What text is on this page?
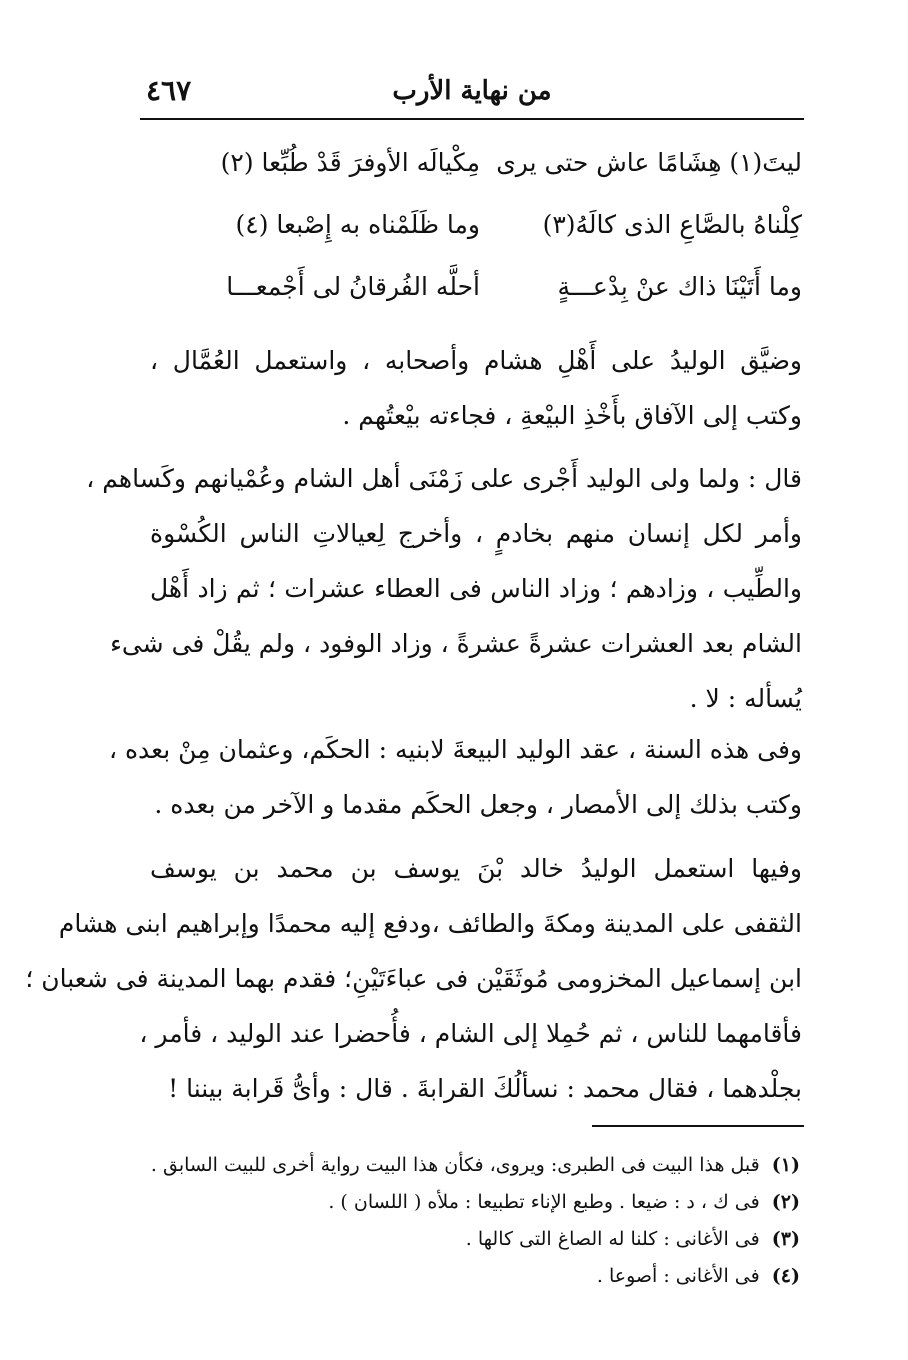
من نهاية الأرب
٤٦٧
ليتَ(١) هِشَامًا عاش حتى يرى
مِكْيالَه الأوفرَ قَدْ طُبِّعا (٢)
كِلْناهُ بالصَّاعِ الذى كالَهُ(٣)
وما ظَلَمْناه به إِصْبعا (٤)
وما أَتَيْنَا ذاك عنْ بِدْعـــةٍ
أحلَّه الفُرقانُ لى أَجْمعـــا
وضيَّق الوليدُ على أَهْلِ هشام وأصحابه ، واستعمل العُمَّال ،
وكتب إلى الآفاق بأَخْذِ البيْعةِ ، فجاءته بيْعتُهم .
قال : ولما ولى الوليد أَجْرى على زَمْنَى أهل الشام وعُمْيانهم وكَساهم ،
وأمر لكل إنسان منهم بخادمٍ ، وأخرج لِعيالاتِ الناس الكُسْوة
والطِّيب ، وزادهم ؛ وزاد الناس فى العطاء عشرات ؛ ثم زاد أَهْل
الشام بعد العشرات عشرةً عشرةً ، وزاد الوفود ، ولم يقُلْ فى شىء
يُسأله : لا .
وفى هذه السنة ، عقد الوليد البيعةَ لابنيه : الحكَم، وعثمان مِنْ بعده ،
وكتب بذلك إلى الأمصار ، وجعل الحكَم مقدما و الآخر من بعده .
وفيها استعمل الوليدُ خالد بْنَ يوسف بن محمد بن يوسف
الثقفى على المدينة ومكةَ والطائف ،ودفع إليه محمدًا وإبراهيم ابنى هشام
ابن إسماعيل المخزومى مُوثَقَيْن فى عباءَتَيْنِ؛ فقدم بهما المدينة فى شعبان ؛
فأقامهما للناس ، ثم حُمِلا إلى الشام ، فأُحضرا عند الوليد ، فأمر ،
بجلْدهما ، فقال محمد : نسألُكَ القرابةَ . قال : وأىُّ قَرابة بيننا !
(١) قبل هذا البيت فى الطبرى: ويروى، فكأن هذا البيت رواية أخرى للبيت السابق .
(٢) فى ك ، د : ضيعا . وطبع الإناء تطبيعا : ملأه ( اللسان ) .
(٣) فى الأغانى : كلنا له الصاغ التى كالها .
(٤) فى الأغانى : أصوعا .
